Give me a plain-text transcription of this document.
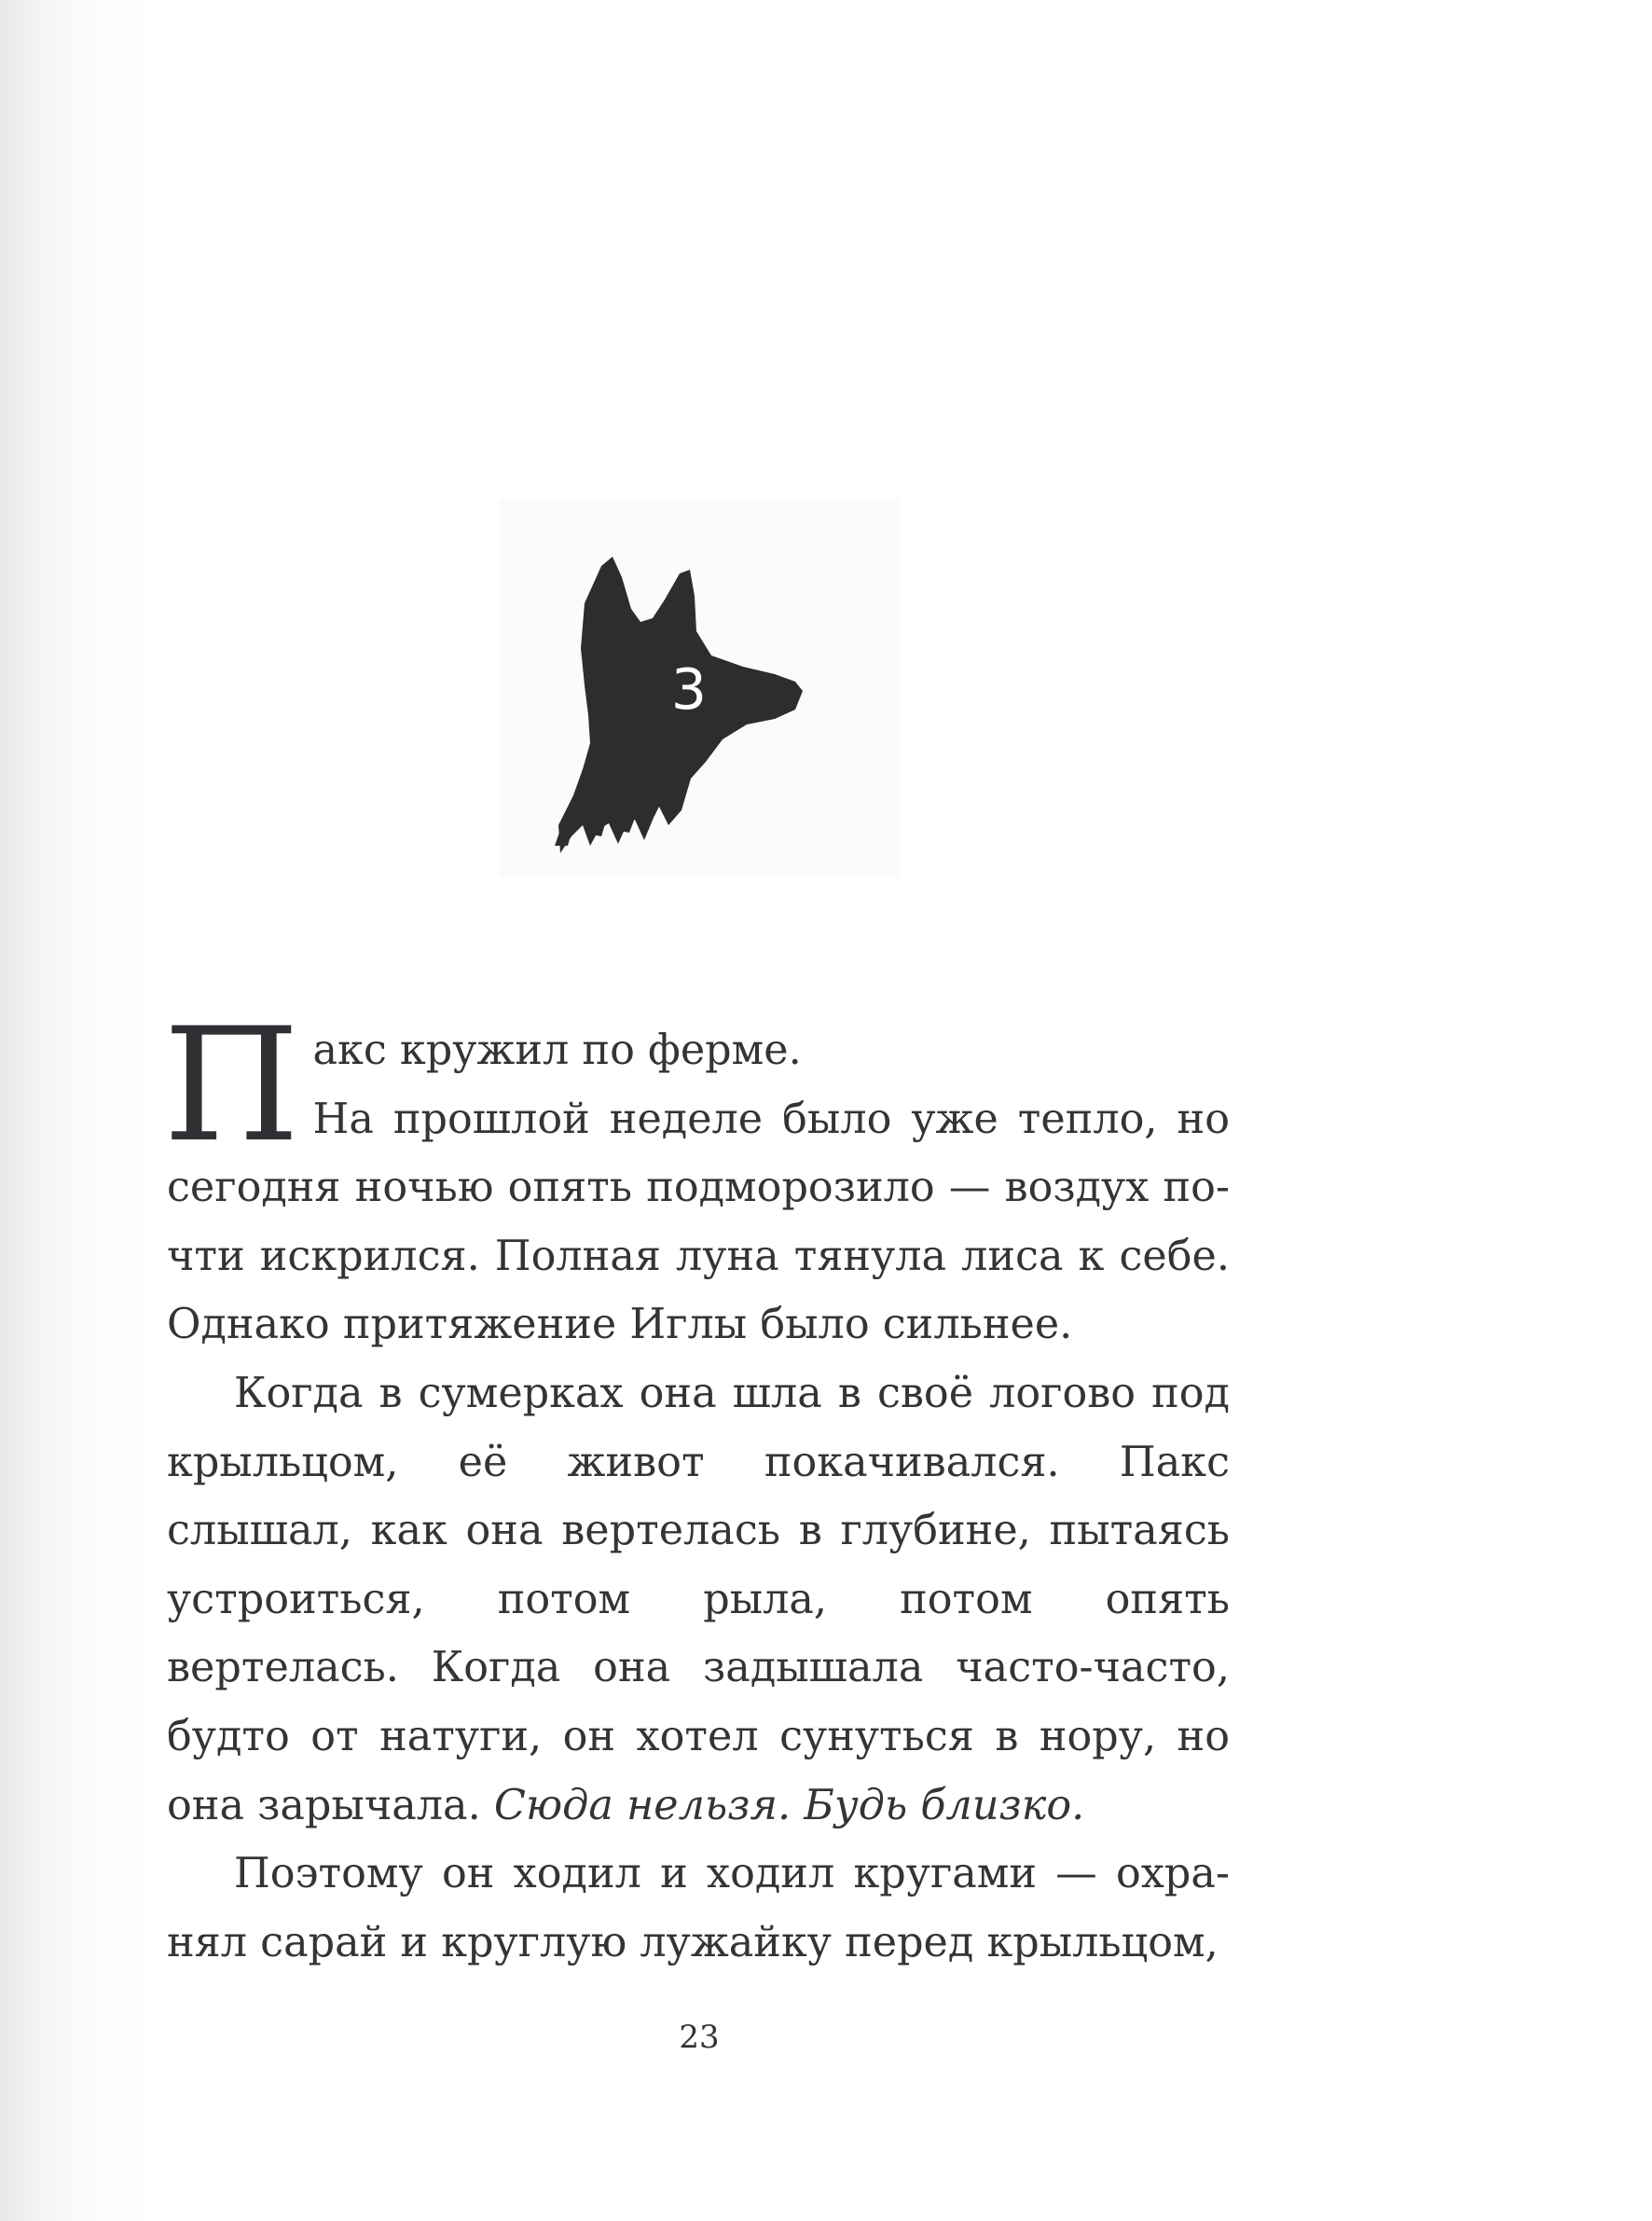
3

Пакс кружил по ферме.
На прошлой неделе было уже тепло, но сегодня ночью опять подморозило — воздух почти искрился. Полная луна тянула лиса к себе. Однако притяжение Иглы было сильнее.

Когда в сумерках она шла в своё логово под крыльцом, её живот покачивался. Пакс слышал, как она вертелась в глубине, пытаясь устроиться, потом рыла, потом опять вертелась. Когда она задышала часто-часто, будто от натуги, он хотел сунуться в нору, но она зарычала. Сюда нельзя. Будь близко.

Поэтому он ходил и ходил кругами — охранял сарай и круглую лужайку перед крыльцом,

23
